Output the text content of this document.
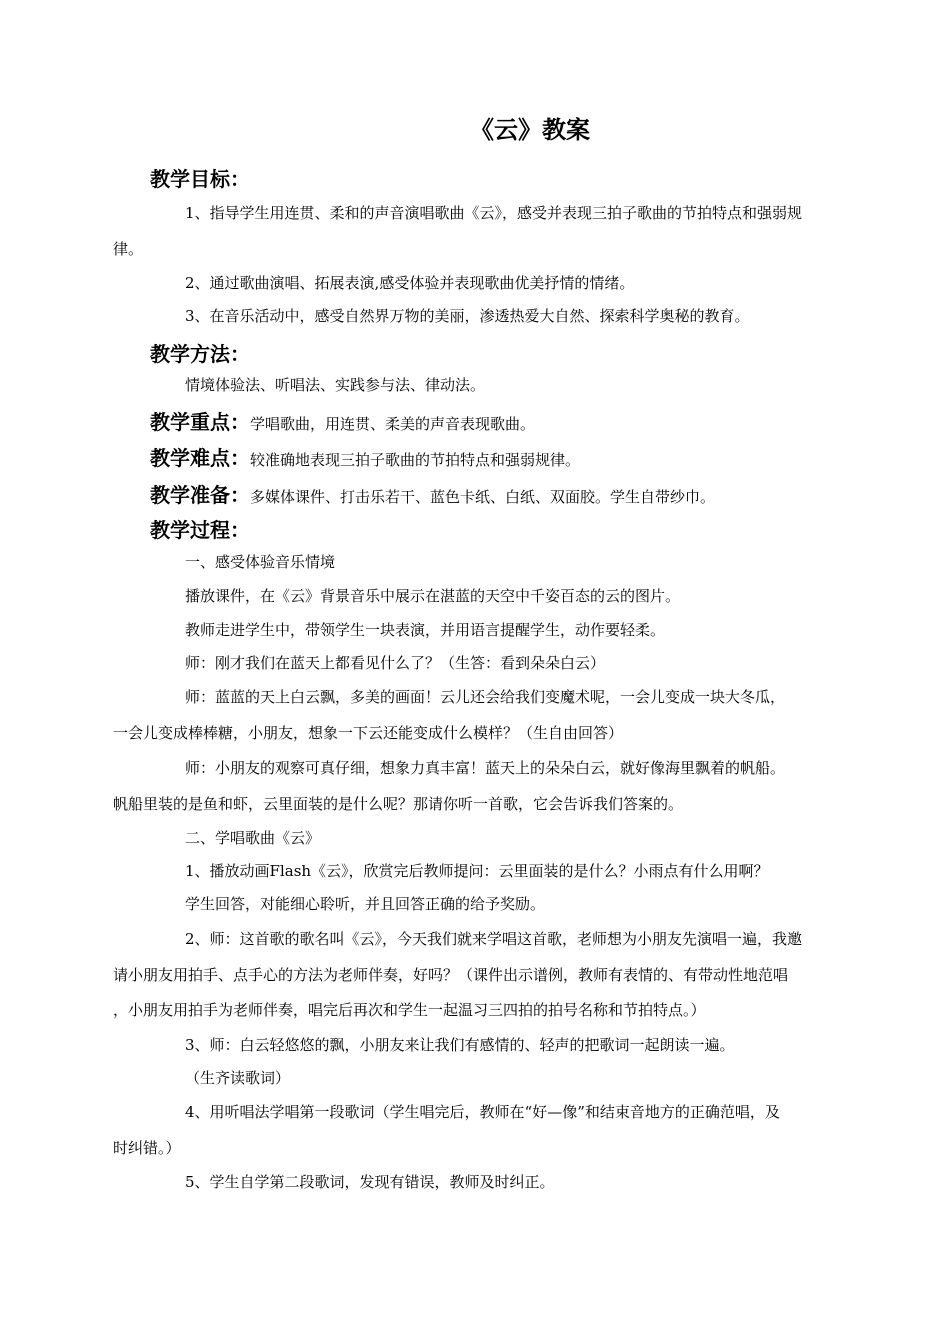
《云》教案
教学目标：

1、指导学生用连贯、柔和的声音演唱歌曲《云》，感受并表现三拍子歌曲的节拍特点和强弱规

律。

2、通过歌曲演唱、拓展表演,感受体验并表现歌曲优美抒情的情绪。

3、在音乐活动中，感受自然界万物的美丽，渗透热爱大自然、探索科学奥秘的教育。

教学方法：

情境体验法、听唱法、实践参与法、律动法。

教学重点：学唱歌曲，用连贯、柔美的声音表现歌曲。
教学难点：较准确地表现三拍子歌曲的节拍特点和强弱规律。
教学准备：多媒体课件、打击乐若干、蓝色卡纸、白纸、双面胶。学生自带纱巾。
教学过程：

一、感受体验音乐情境

播放课件，在《云》背景音乐中展示在湛蓝的天空中千姿百态的云的图片。

教师走进学生中，带领学生一块表演，并用语言提醒学生，动作要轻柔。

师：刚才我们在蓝天上都看见什么了？（生答：看到朵朵白云）

师：蓝蓝的天上白云飘，多美的画面！云儿还会给我们变魔术呢，一会儿变成一块大冬瓜，

一会儿变成棒棒糖，小朋友，想象一下云还能变成什么模样？（生自由回答）

师：小朋友的观察可真仔细，想象力真丰富！蓝天上的朵朵白云，就好像海里飘着的帆船。

帆船里装的是鱼和虾，云里面装的是什么呢？那请你听一首歌，它会告诉我们答案的。

二、学唱歌曲《云》

1、播放动画Flash《云》，欣赏完后教师提问：云里面装的是什么？小雨点有什么用啊？

学生回答，对能细心聆听，并且回答正确的给予奖励。

2、师：这首歌的歌名叫《云》，今天我们就来学唱这首歌，老师想为小朋友先演唱一遍，我邀

请小朋友用拍手、点手心的方法为老师伴奏，好吗？（课件出示谱例，教师有表情的、有带动性地范唱

，小朋友用拍手为老师伴奏，唱完后再次和学生一起温习三四拍的拍号名称和节拍特点。）

3、师：白云轻悠悠的飘，小朋友来让我们有感情的、轻声的把歌词一起朗读一遍。

（生齐读歌词）

4、用听唱法学唱第一段歌词（学生唱完后，教师在“好—像”和结束音地方的正确范唱，及

时纠错。）

5、学生自学第二段歌词，发现有错误，教师及时纠正。
